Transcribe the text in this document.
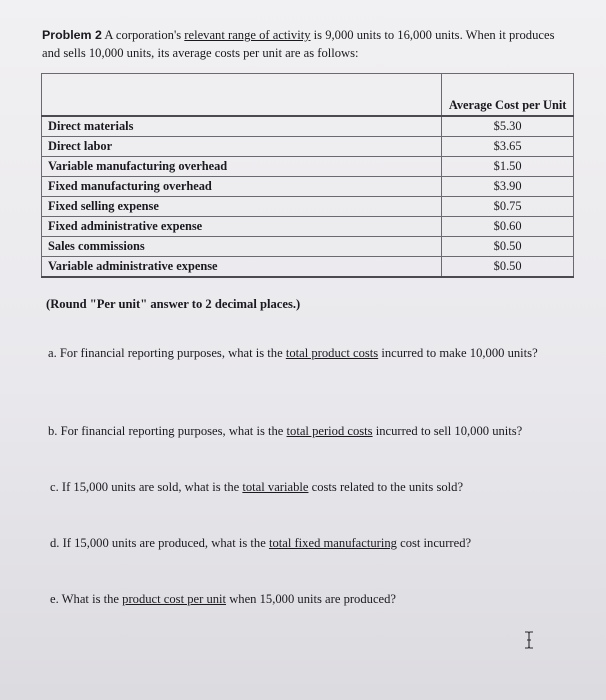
Problem 2 A corporation's relevant range of activity is 9,000 units to 16,000 units. When it produces and sells 10,000 units, its average costs per unit are as follows:
	Average Cost per Unit
Direct materials	$5.30
Direct labor	$3.65
Variable manufacturing overhead	$1.50
Fixed manufacturing overhead	$3.90
Fixed selling expense	$0.75
Fixed administrative expense	$0.60
Sales commissions	$0.50
Variable administrative expense	$0.50
(Round "Per unit" answer to 2 decimal places.)
a. For financial reporting purposes, what is the total product costs incurred to make 10,000 units?
b. For financial reporting purposes, what is the total period costs incurred to sell 10,000 units?
c. If 15,000 units are sold, what is the total variable costs related to the units sold?
d. If 15,000 units are produced, what is the total fixed manufacturing cost incurred?
e. What is the product cost per unit when 15,000 units are produced?
